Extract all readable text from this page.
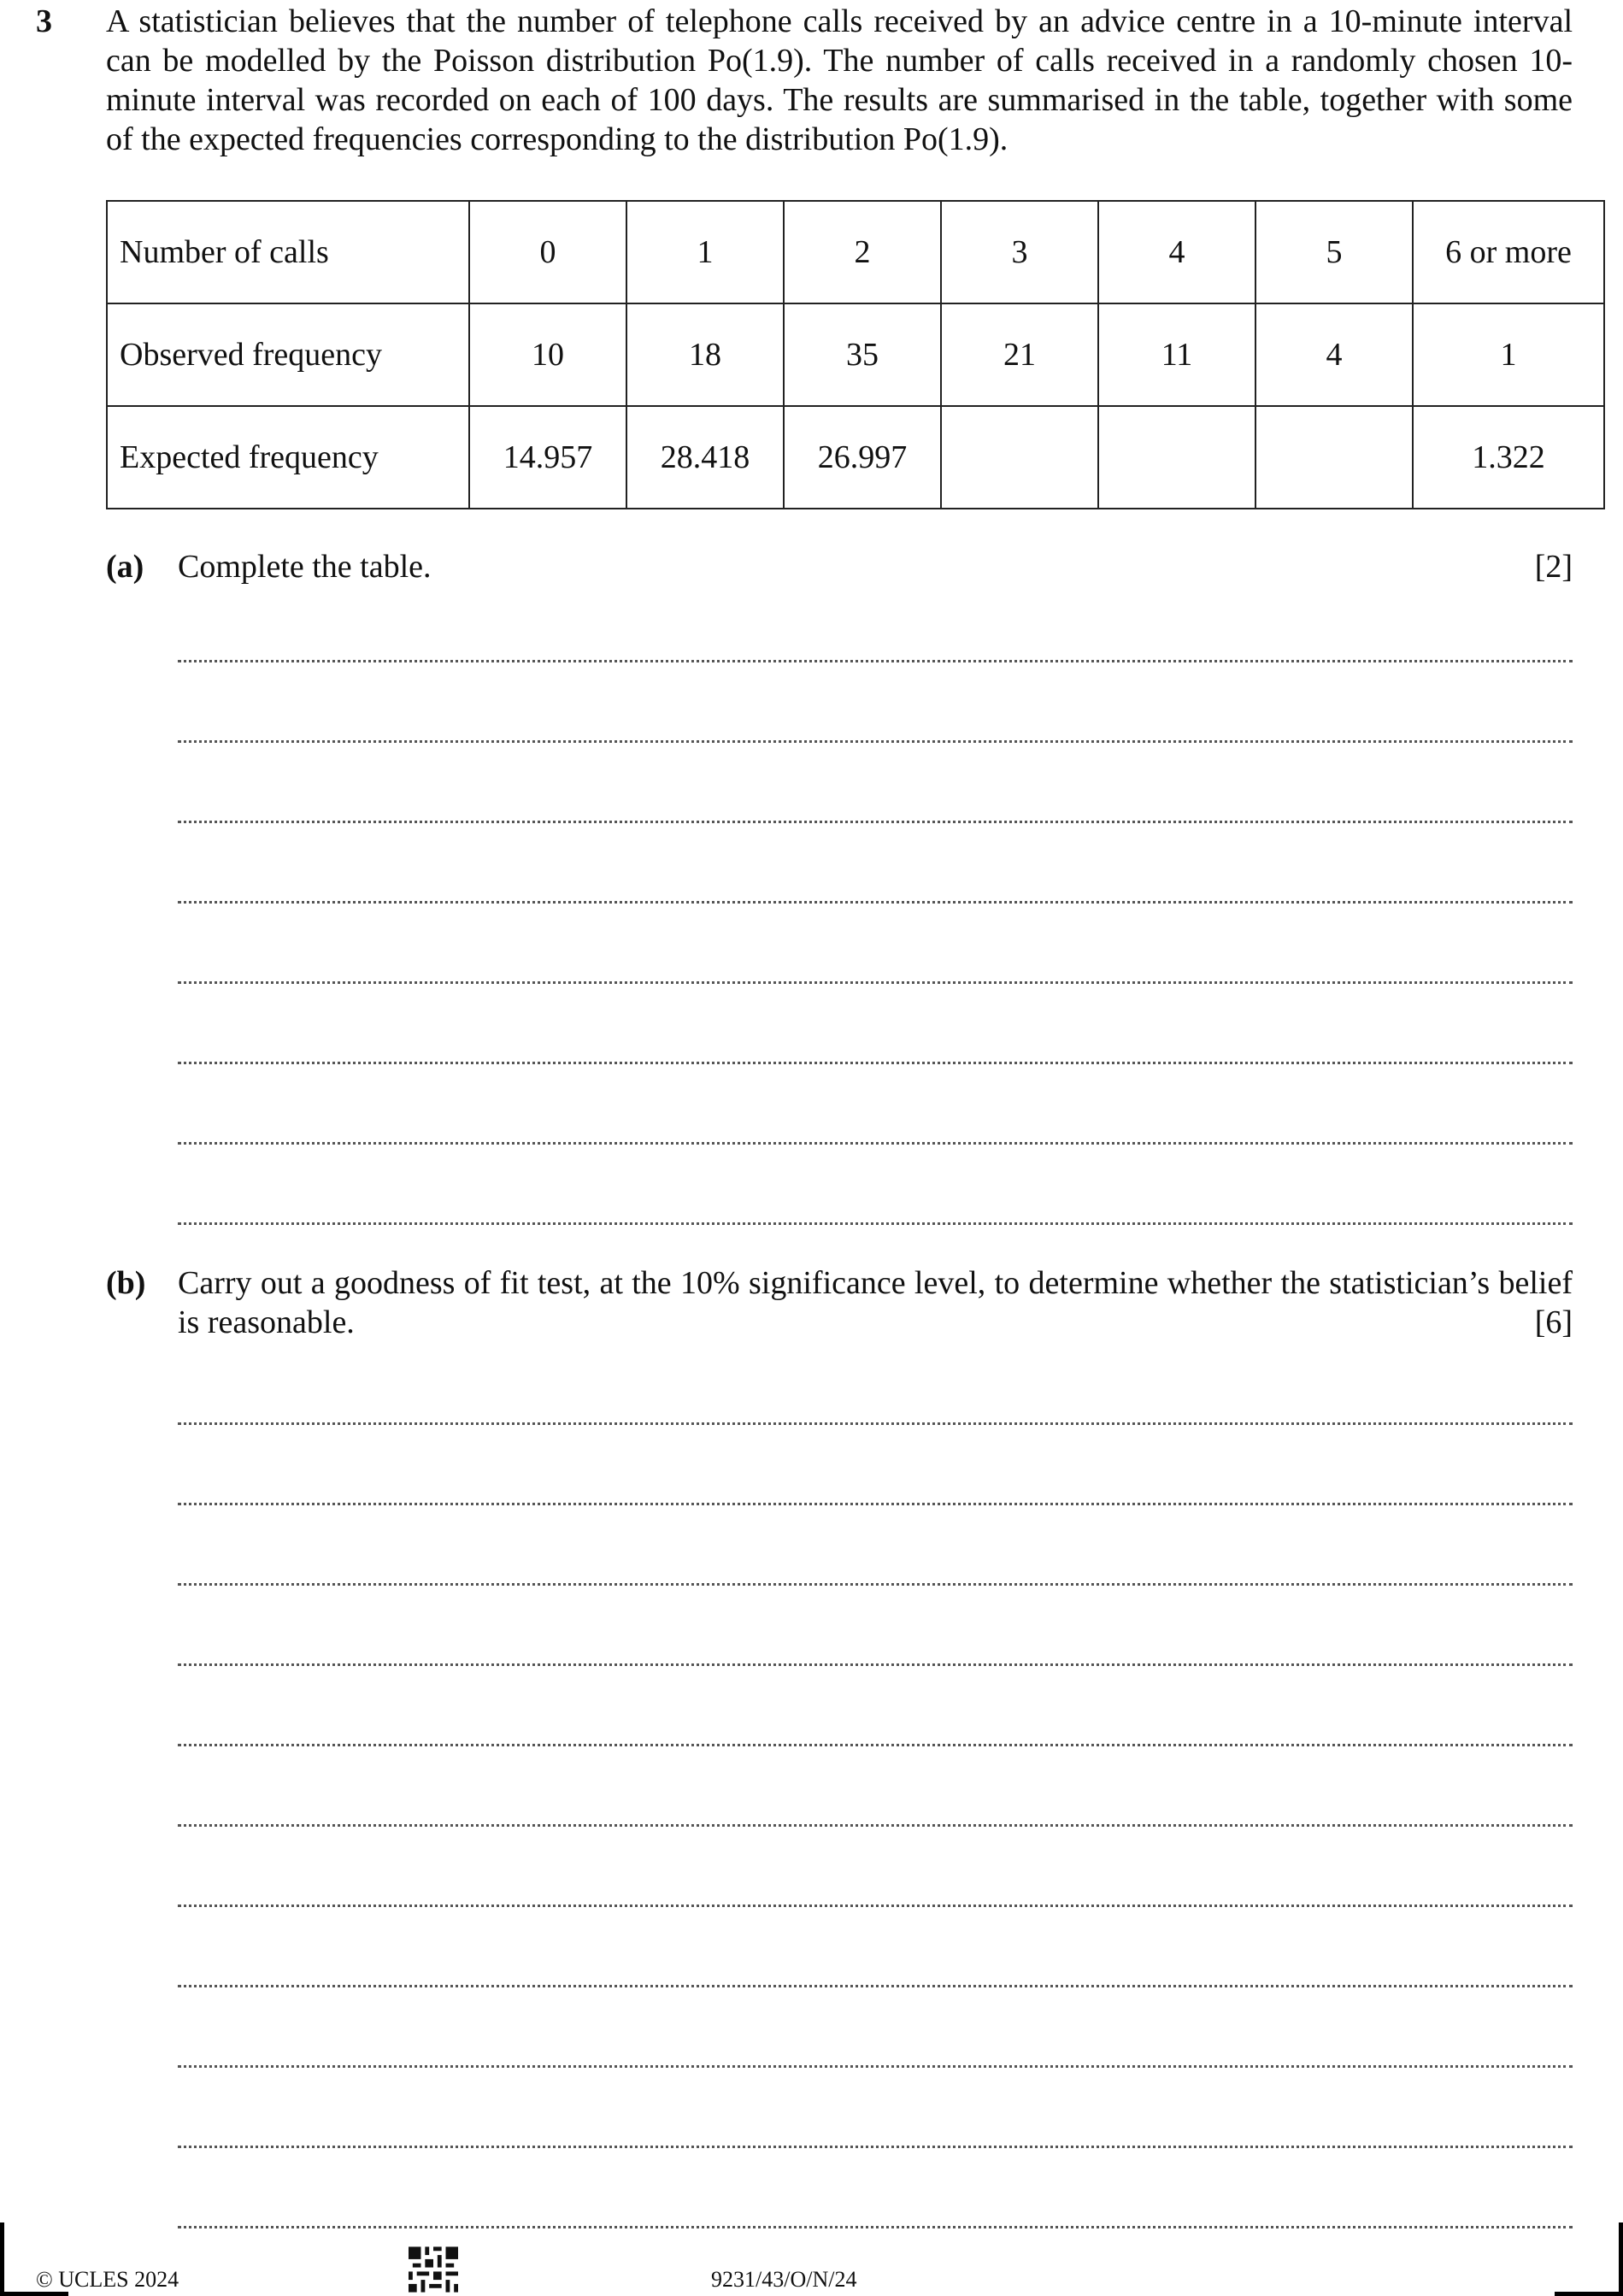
3 A statistician believes that the number of telephone calls received by an advice centre in a 10-minute interval can be modelled by the Poisson distribution Po(1.9). The number of calls received in a randomly chosen 10-minute interval was recorded on each of 100 days. The results are summarised in the table, together with some of the expected frequencies corresponding to the distribution Po(1.9).

Number of calls	0	1	2	3	4	5	6 or more
Observed frequency	10	18	35	21	11	4	1
Expected frequency	14.957	28.418	26.997				1.322
(a) Complete the table.	[2]
(b) Carry out a goodness of fit test, at the 10% significance level, to determine whether the statistician’s belief is reasonable.	[6]
© UCLES 2024	9231/43/O/N/24
